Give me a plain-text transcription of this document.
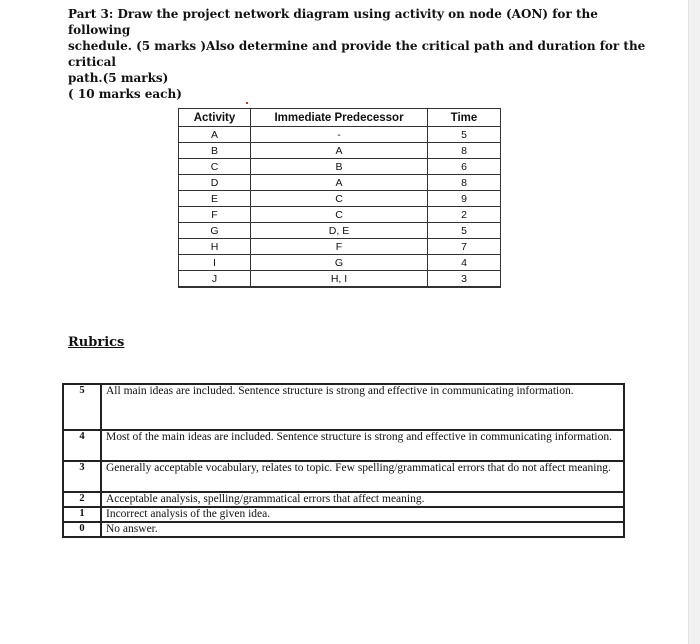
Part 3: Draw the project network diagram using activity on node (AON) for the following

schedule. (5 marks )Also determine and provide the critical path and duration for the critical

path.(5 marks)

( 10 marks each)

Activity	Immediate Predecessor	Time
A	-	5
B	A	8
C	B	6
D	A	8
E	C	9
F	C	2
G	D, E	5
H	F	7
I	G	4
J	H, I	3
Rubrics
5	All main ideas are included. Sentence structure is strong and effective in communicating information.
4	Most of the main ideas are included. Sentence structure is strong and effective in communicating information.
3	Generally acceptable vocabulary, relates to topic. Few spelling/grammatical errors that do not affect meaning.
2	Acceptable analysis, spelling/grammatical errors that affect meaning.
1	Incorrect analysis of the given idea.
0	No answer.
